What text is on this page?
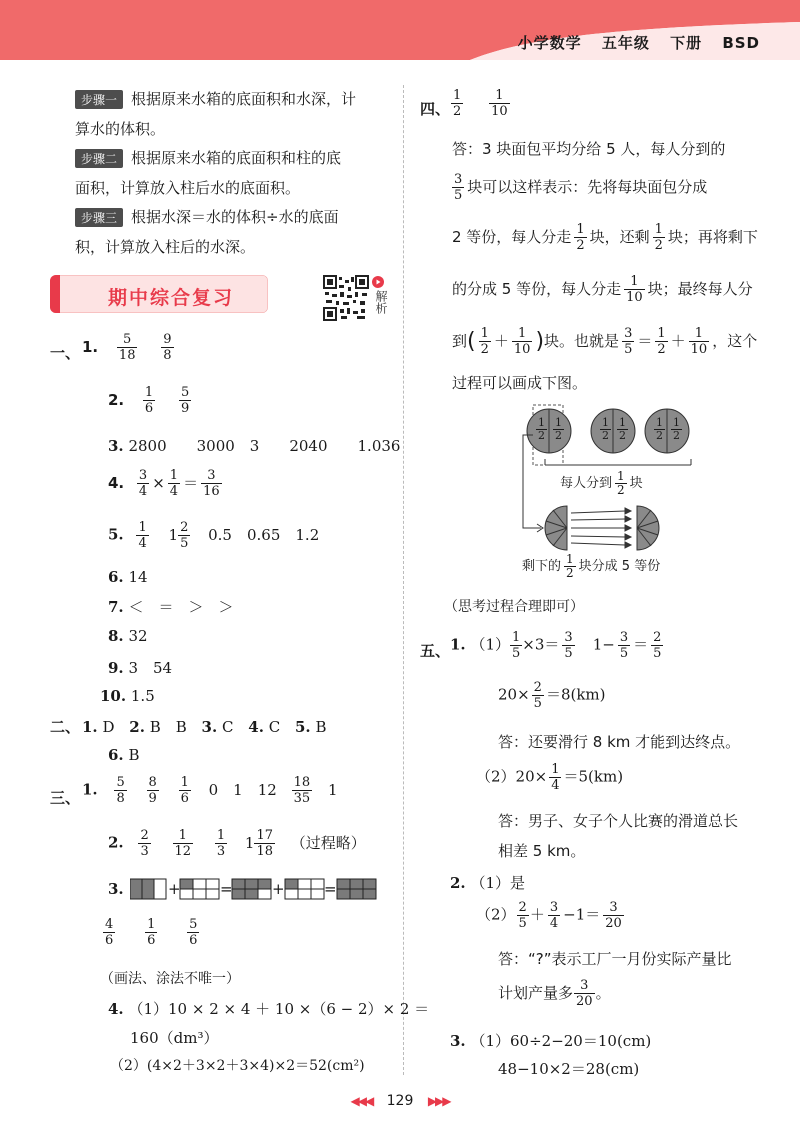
小学数学 五年级 下册 BSD
步骤一 根据原来水箱的底面积和水深，计
算水的体积。
步骤二 根据原来水箱的底面积和柱的底
面积，计算放入柱后水的底面积。
步骤三 根据水深＝水的体积÷水的底面
积，计算放入柱后的水深。
期中综合复习	解析
一、 1. $\frac{5}{18}$
$\frac{9}{8}$
2. $\frac{1}{6}$
$\frac{5}{9}$
3. 2800　　3000　3　　2040　　1.036
4. $\frac{3}{4} \times \frac{1}{4} = \frac{3}{16}$
5. $\frac{1}{4} 1 \frac{2}{5} 0.5$　0.65　1.2
6. 14
7. ＜　＝　＞　＞
8. 32
9. 3　54
10. 1.5
二、 1. D 2. B　B 3. C 4. C 5. B
6. B
三、 1. $\frac{5}{8}$
$\frac{8}{9}$
$\frac{1}{6} 0$　1　$12 \frac{18}{35} 1$
2. $\frac{2}{3}$
$\frac{1}{12}$
$\frac{1}{3} 1 \frac{17}{18}$ （过程略）
3.	+	=	+	=
$\frac{4}{6}$
$\frac{1}{6}$
$\frac{5}{6}$
（画法、涂法不唯一）
4. （1）10 × 2 × 4 ＋ 10 ×（6 − 2）× 2 ＝
160（dm³）
（2）(4×2＋3×2＋3×4)×2＝52(cm²)
四、 $\frac{1}{2}$
$\frac{1}{10}$
答：3 块面包平均分给 5 人，每人分到的
$\frac{3}{5}$ 块可以这样表示：先将每块面包分成
2 等份，每人分走 $\frac{1}{2}$ 块，还剩 $\frac{1}{2}$ 块；再将剩下
的分成 5 等份，每人分走 $\frac{1}{10}$ 块；最终每人分
到( $\frac{1}{2} + \frac{1}{10}$ )块。也就是 $\frac{3}{5} = \frac{1}{2} + \frac{1}{10}$ ，这个
过程可以画成下图。
$\frac{1}{2} \frac{1}{2}$	$\frac{1}{2} \frac{1}{2} \frac{1}{2} \frac{1}{2}$
每人分到 $\frac{1}{2}$ 块
剩下的 $\frac{1}{2}$ 块分成 5 等份
（思考过程合理即可）
五、 1. $(1) \frac{1}{5} \times 3= \frac{3}{5}$ 　$1- \frac{3}{5} = \frac{2}{5}$
$20\times \frac{2}{5} =8(km)$
答：还要滑行 8 km 才能到达终点。
$(2)20\times \frac{1}{4} =5(km)$
答：男子、女子个人比赛的滑道总长
相差 5 km。
2. （1）是
$(2) \frac{2}{5} + \frac{3}{4} -1= \frac{3}{20}$
答：“?”表示工厂一月份实际产量比
计划产量多 $\frac{3}{20}$ 。
3. （1）60÷2−20＝10(cm)
48−10×2＝28(cm)
◀◀◀ 129 ▶▶▶
